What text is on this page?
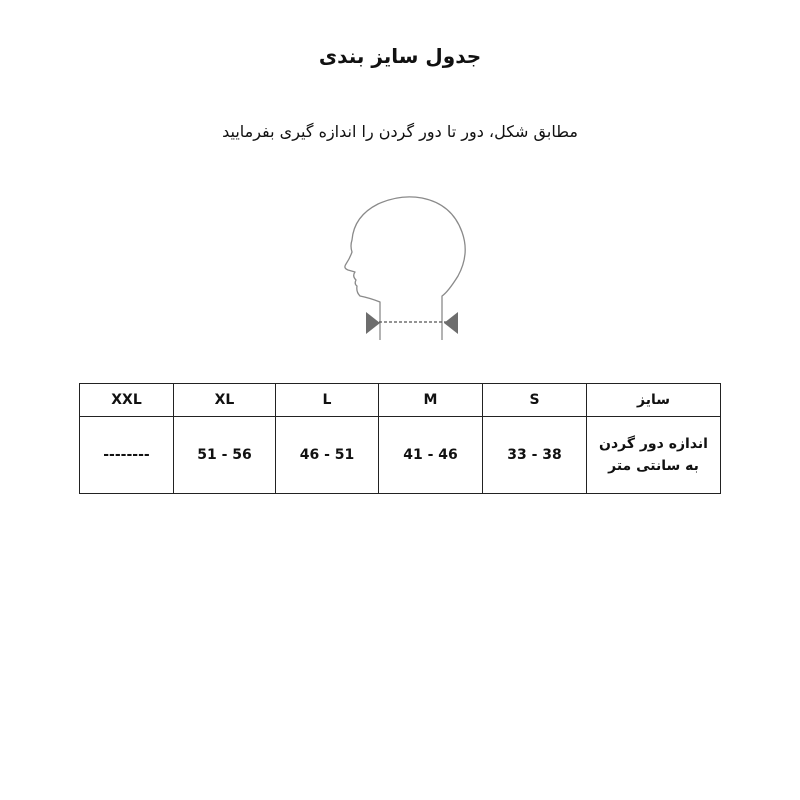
جدول سایز بندی
مطابق شکل، دور تا دور گردن را اندازه گیری بفرمایید
XXL	XL	L	M	S	سایز
--------	51 - 56	46 - 51	41 - 46	33 - 38	اندازه دور گردن به سانتی متر
